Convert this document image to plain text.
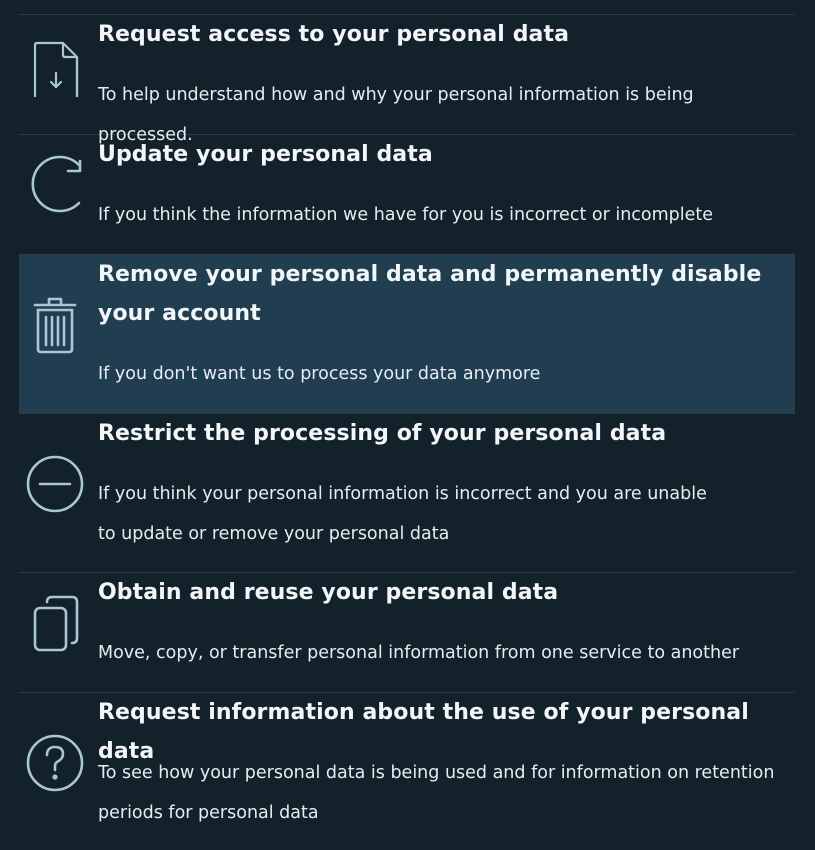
Request access to your personal data
To help understand how and why your personal information is being processed.
Update your personal data
If you think the information we have for you is incorrect or incomplete
Remove your personal data and permanently disable your account
If you don't want us to process your data anymore
Restrict the processing of your personal data
If you think your personal information is incorrect and you are unable to update or remove your personal data
Obtain and reuse your personal data
Move, copy, or transfer personal information from one service to another
Request information about the use of your personal data
To see how your personal data is being used and for information on retention periods for personal data
